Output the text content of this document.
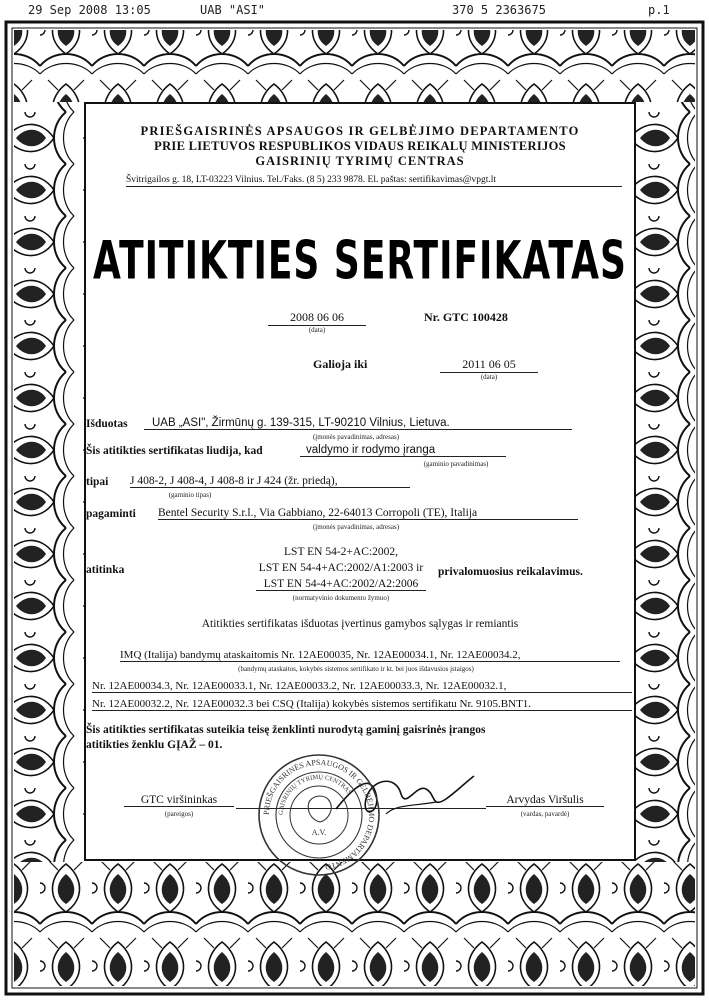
29 Sep 2008 13:05	UAB "ASI"	370 5 2363675	p.1
PRIEŠGAISRINĖS APSAUGOS IR GELBĖJIMO DEPARTAMENTO
PRIE LIETUVOS RESPUBLIKOS VIDAUS REIKALŲ MINISTERIJOS
GAISRINIŲ TYRIMŲ CENTRAS
Švitrigailos g. 18, LT-03223 Vilnius. Tel./Faks. (8 5) 233 9878. El. paštas: sertifikavimas@vpgt.lt
ATITIKTIES SERTIFIKATAS
2008 06 06
(data)
Nr. GTC 100428
Galioja iki	2011 06 05
(data)
Išduotas	UAB „ASI", Žirmūnų g. 139-315, LT-90210 Vilnius, Lietuva.
(įmonės pavadinimas, adresas)
Šis atitikties sertifikatas liudija, kad	valdymo ir rodymo įranga
(gaminio pavadinimas)
tipai J 408-2, J 408-4, J 408-8 ir J 424 (žr. priedą),
(gaminio tipas)
pagaminti Bentel Security S.r.l., Via Gabbiano, 22-64013 Corropoli (TE), Italija
(įmonės pavadinimas, adresas)
atitinka
LST EN 54-2+AC:2002,
LST EN 54-4+AC:2002/A1:2003 ir
LST EN 54-4+AC:2002/A2:2006
(normatyvinio dokumento žymuo)
privalomuosius reikalavimus.
Atitikties sertifikatas išduotas įvertinus gamybos sąlygas ir remiantis
IMQ (Italija) bandymų ataskaitomis Nr. 12AE00035, Nr. 12AE00034.1, Nr. 12AE00034.2,
(bandymų ataskaitos, kokybės sistemos sertifikato ir kt. bei juos išdavusios įstaigos)
Nr. 12AE00034.3, Nr. 12AE00033.1, Nr. 12AE00033.2, Nr. 12AE00033.3, Nr. 12AE00032.1,
Nr. 12AE00032.2, Nr. 12AE00032.3 bei CSQ (Italija) kokybės sistemos sertifikatu Nr. 9105.BNT1.
Šis atitikties sertifikatas suteikia teisę ženklinti nurodytą gaminį gaisrinės įrangos
atitikties ženklu GĮAŽ – 01.
GTC viršininkas
(pareigos)
Arvydas Viršulis
(vardas, pavardė)
PRIEŠGAISRINĖS APSAUGOS IR GELBĖJIMO DEPARTAMENTO
GAISRINIŲ TYRIMŲ CENTRAS
A.V.
